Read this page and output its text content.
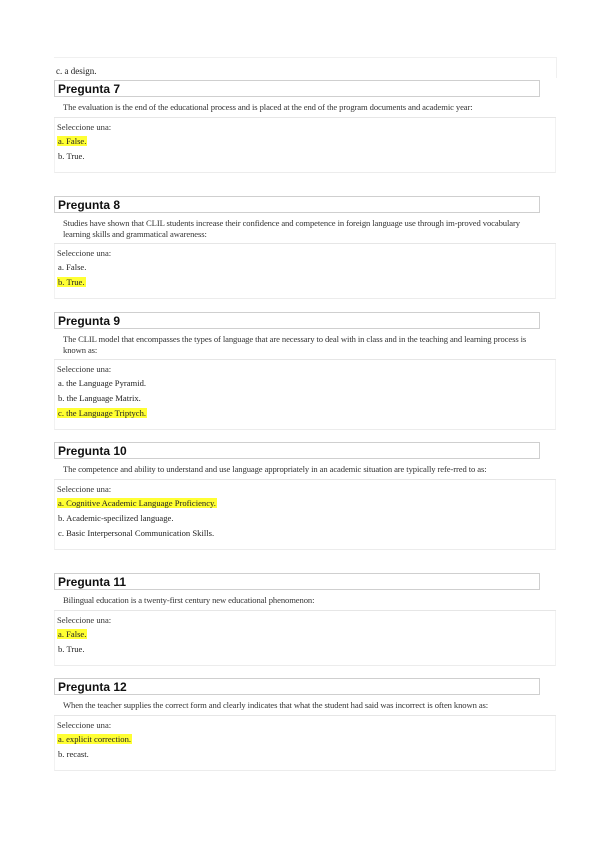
c. a design.
Pregunta 7
The evaluation is the end of the educational process and is placed at the end of the program documents and academic year:
Seleccione una:
a. False.
b. True.
Pregunta 8
Studies have shown that CLIL students increase their confidence and competence in foreign language use through im-proved vocabulary learning skills and grammatical awareness:
Seleccione una:
a. False.
b. True.
Pregunta 9
The CLIL model that encompasses the types of language that are necessary to deal with in class and in the teaching and learning process is known as:
Seleccione una:
a. the Language Pyramid.
b. the Language Matrix.
c. the Language Triptych.
Pregunta 10
The competence and ability to understand and use language appropriately in an academic situation are typically refe-rred to as:
Seleccione una:
a. Cognitive Academic Language Proficiency.
b. Academic-specilized language.
c. Basic Interpersonal Communication Skills.
Pregunta 11
Bilingual education is a twenty-first century new educational phenomenon:
Seleccione una:
a. False.
b. True.
Pregunta 12
When the teacher supplies the correct form and clearly indicates that what the student had said was incorrect is often known as:
Seleccione una:
a. explicit correction.
b. recast.
